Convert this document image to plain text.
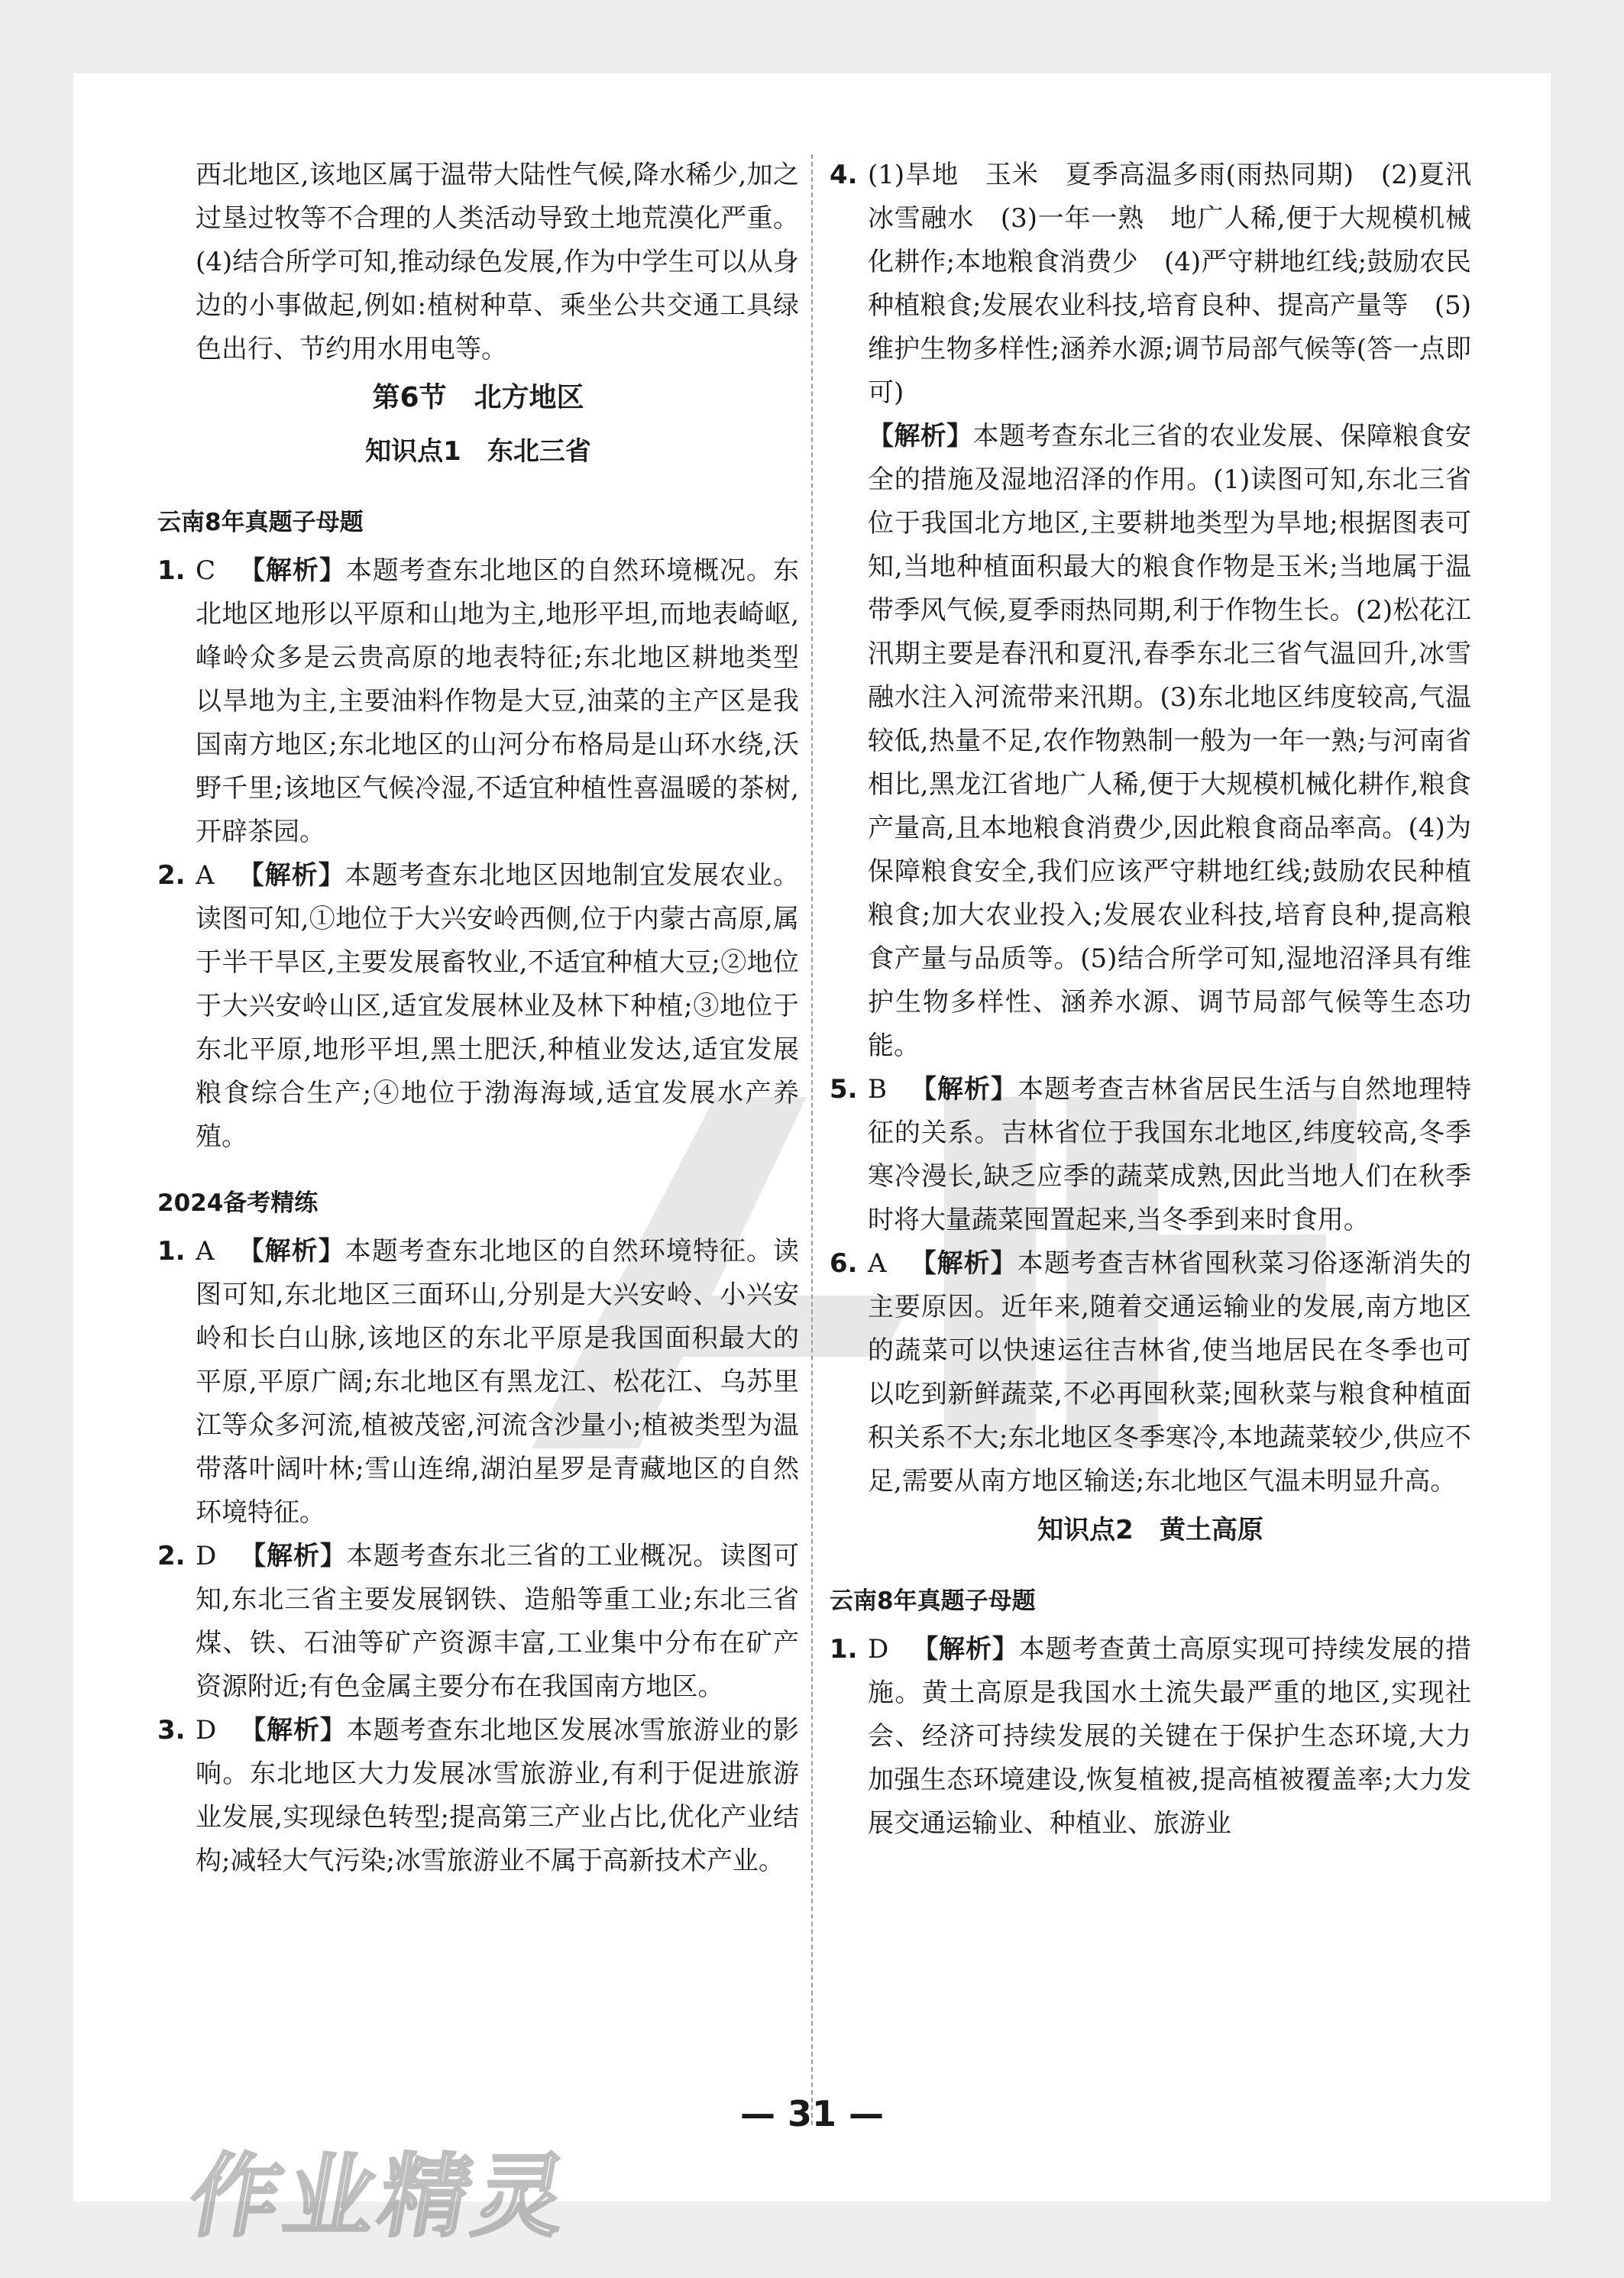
西北地区,该地区属于温带大陆性气候,降水稀少,加之过垦过牧等不合理的人类活动导致土地荒漠化严重。(4)结合所学可知,推动绿色发展,作为中学生可以从身边的小事做起,例如:植树种草、乘坐公共交通工具绿色出行、节约用水用电等。

第6节　北方地区
知识点1　东北三省
云南8年真题子母题
1. C 【解析】本题考查东北地区的自然环境概况。东北地区地形以平原和山地为主,地形平坦,而地表崎岖,峰岭众多是云贵高原的地表特征;东北地区耕地类型以旱地为主,主要油料作物是大豆,油菜的主产区是我国南方地区;东北地区的山河分布格局是山环水绕,沃野千里;该地区气候冷湿,不适宜种植性喜温暖的茶树,开辟茶园。
2. A 【解析】本题考查东北地区因地制宜发展农业。读图可知,①地位于大兴安岭西侧,位于内蒙古高原,属于半干旱区,主要发展畜牧业,不适宜种植大豆;②地位于大兴安岭山区,适宜发展林业及林下种植;③地位于东北平原,地形平坦,黑土肥沃,种植业发达,适宜发展粮食综合生产;④地位于渤海海域,适宜发展水产养殖。
2024备考精练
1. A 【解析】本题考查东北地区的自然环境特征。读图可知,东北地区三面环山,分别是大兴安岭、小兴安岭和长白山脉,该地区的东北平原是我国面积最大的平原,平原广阔;东北地区有黑龙江、松花江、乌苏里江等众多河流,植被茂密,河流含沙量小;植被类型为温带落叶阔叶林;雪山连绵,湖泊星罗是青藏地区的自然环境特征。
2. D 【解析】本题考查东北三省的工业概况。读图可知,东北三省主要发展钢铁、造船等重工业;东北三省煤、铁、石油等矿产资源丰富,工业集中分布在矿产资源附近;有色金属主要分布在我国南方地区。
3. D 【解析】本题考查东北地区发展冰雪旅游业的影响。东北地区大力发展冰雪旅游业,有利于促进旅游业发展,实现绿色转型;提高第三产业占比,优化产业结构;减轻大气污染;冰雪旅游业不属于高新技术产业。
4. (1)旱地　玉米　夏季高温多雨(雨热同期)　(2)夏汛　冰雪融水　(3)一年一熟　地广人稀,便于大规模机械化耕作;本地粮食消费少　(4)严守耕地红线;鼓励农民种植粮食;发展农业科技,培育良种、提高产量等　(5)维护生物多样性;涵养水源;调节局部气候等(答一点即可)
【解析】本题考查东北三省的农业发展、保障粮食安全的措施及湿地沼泽的作用。(1)读图可知,东北三省位于我国北方地区,主要耕地类型为旱地;根据图表可知,当地种植面积最大的粮食作物是玉米;当地属于温带季风气候,夏季雨热同期,利于作物生长。(2)松花江汛期主要是春汛和夏汛,春季东北三省气温回升,冰雪融水注入河流带来汛期。(3)东北地区纬度较高,气温较低,热量不足,农作物熟制一般为一年一熟;与河南省相比,黑龙江省地广人稀,便于大规模机械化耕作,粮食产量高,且本地粮食消费少,因此粮食商品率高。(4)为保障粮食安全,我们应该严守耕地红线;鼓励农民种植粮食;加大农业投入;发展农业科技,培育良种,提高粮食产量与品质等。(5)结合所学可知,湿地沼泽具有维护生物多样性、涵养水源、调节局部气候等生态功能。
5. B 【解析】本题考查吉林省居民生活与自然地理特征的关系。吉林省位于我国东北地区,纬度较高,冬季寒冷漫长,缺乏应季的蔬菜成熟,因此当地人们在秋季时将大量蔬菜囤置起来,当冬季到来时食用。
6. A 【解析】本题考查吉林省囤秋菜习俗逐渐消失的主要原因。近年来,随着交通运输业的发展,南方地区的蔬菜可以快速运往吉林省,使当地居民在冬季也可以吃到新鲜蔬菜,不必再囤秋菜;囤秋菜与粮食种植面积关系不大;东北地区冬季寒冷,本地蔬菜较少,供应不足,需要从南方地区输送;东北地区气温未明显升高。
知识点2　黄土高原
云南8年真题子母题
1. D 【解析】本题考查黄土高原实现可持续发展的措施。黄土高原是我国水土流失最严重的地区,实现社会、经济可持续发展的关键在于保护生态环境,大力加强生态环境建设,恢复植被,提高植被覆盖率;大力发展交通运输业、种植业、旅游业
— 31 —
作业精灵
